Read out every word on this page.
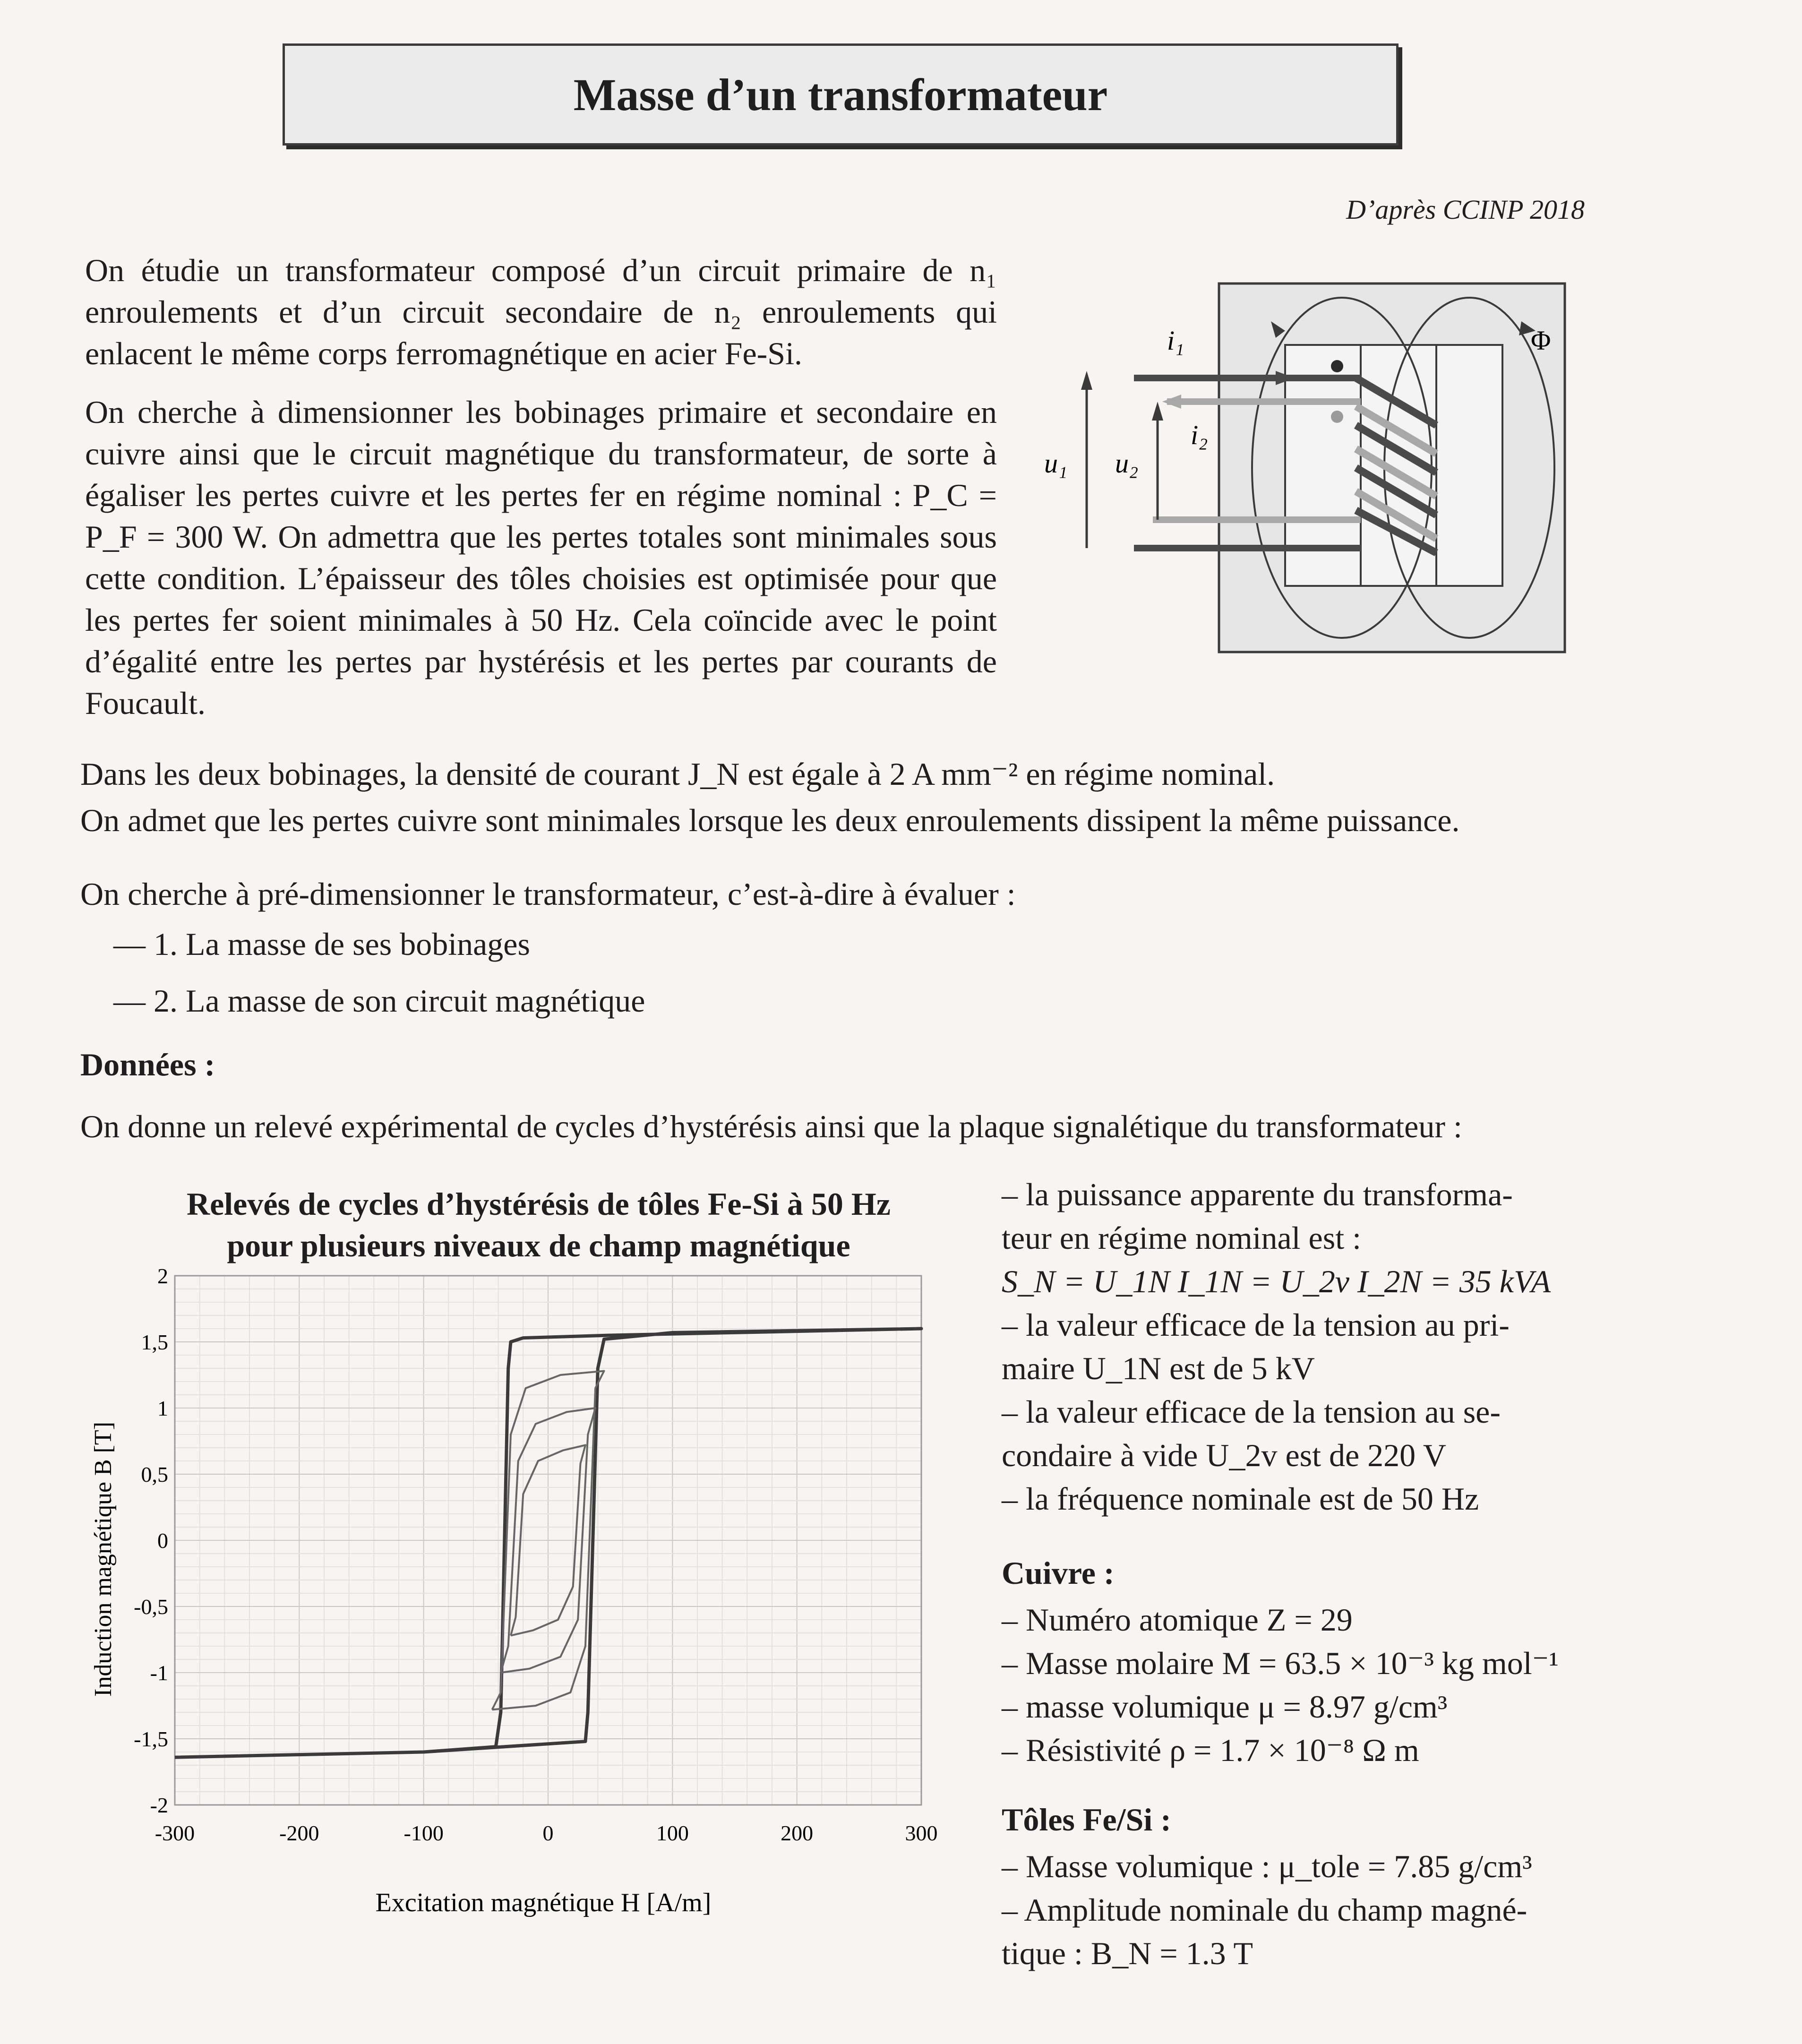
Masse d’un transformateur
D’après CCINP 2018
On étudie un transformateur composé d’un circuit primaire de n₁ enroulements et d’un circuit secondaire de n₂ enroulements qui enlacent le même corps ferromagnétique en acier Fe-Si.
On cherche à dimensionner les bobinages primaire et secondaire en cuivre ainsi que le circuit magnétique du transformateur, de sorte à égaliser les pertes cuivre et les pertes fer en régime nominal : P_C = P_F = 300 W. On admettra que les pertes totales sont minimales sous cette condition. L’épaisseur des tôles choisies est optimisée pour que les pertes fer soient minimales à 50 Hz. Cela coïncide avec le point d’égalité entre les pertes par hystérésis et les pertes par courants de Foucault.
Dans les deux bobinages, la densité de courant J_N est égale à 2 A mm⁻² en régime nominal.
On admet que les pertes cuivre sont minimales lorsque les deux enroulements dissipent la même puissance.
On cherche à pré-dimensionner le transformateur, c’est-à-dire à évaluer :
— 1. La masse de ses bobinages
— 2. La masse de son circuit magnétique
Données :
On donne un relevé expérimental de cycles d’hystérésis ainsi que la plaque signalétique du transformateur :
i₁
i₂
u₁ u₂
Φ
Relevés de cycles d’hystérésis de tôles Fe-Si à 50 Hz
pour plusieurs niveaux de champ magnétique
-300	-200	-100	0	100	200	300
2
1,5
1
0,5
0
-0,5
-1
-1,5
-2
Excitation magnétique H [A/m]
Induction magnétique B [T]
– la puissance apparente du transforma-
teur en régime nominal est :
S_N = U_1N I_1N = U_2v I_2N = 35 kVA
– la valeur efficace de la tension au pri-
maire U_1N est de 5 kV
– la valeur efficace de la tension au se-
condaire à vide U_2v est de 220 V
– la fréquence nominale est de 50 Hz
Cuivre :
– Numéro atomique Z = 29
– Masse molaire M = 63.5 × 10⁻³ kg mol⁻¹
– masse volumique μ = 8.97 g/cm³
– Résistivité ρ = 1.7 × 10⁻⁸ Ω m
Tôles Fe/Si :
– Masse volumique : μ_tole = 7.85 g/cm³
– Amplitude nominale du champ magné-
tique : B_N = 1.3 T
